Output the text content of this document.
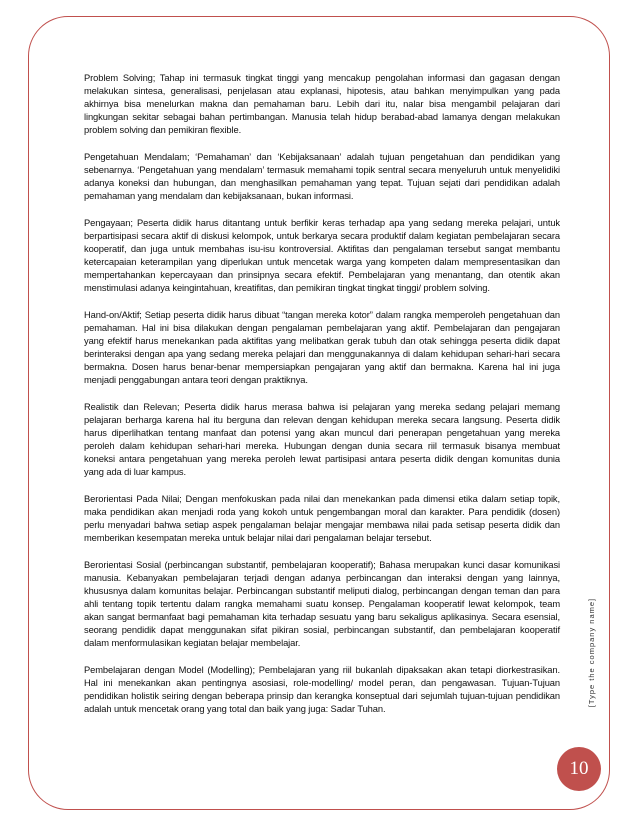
Problem Solving; Tahap ini termasuk tingkat tinggi yang mencakup pengolahan informasi dan gagasan dengan melakukan sintesa, generalisasi, penjelasan atau explanasi, hipotesis, atau bahkan menyimpulkan yang pada akhirnya bisa menelurkan makna dan pemahaman baru. Lebih dari itu, nalar bisa mengambil pelajaran dari lingkungan sekitar sebagai bahan pertimbangan. Manusia telah hidup berabad-abad lamanya dengan melakukan problem solving dan pemikiran flexible.

Pengetahuan Mendalam; ‘Pemahaman’ dan ‘Kebijaksanaan’ adalah tujuan pengetahuan dan pendidikan yang sebenarnya. ‘Pengetahuan yang mendalam’ termasuk memahami topik sentral secara menyeluruh untuk menyelidiki adanya koneksi dan hubungan, dan menghasilkan pemahaman yang tepat. Tujuan sejati dari pendidikan adalah pemahaman yang mendalam dan kebijaksanaan, bukan informasi.

Pengayaan; Peserta didik harus ditantang untuk berfikir keras terhadap apa yang sedang mereka pelajari, untuk berpartisipasi secara aktif di diskusi kelompok, untuk berkarya secara produktif dalam kegiatan pembelajaran secara kooperatif, dan juga untuk membahas isu-isu kontroversial. Aktifitas dan pengalaman tersebut sangat membantu ketercapaian keterampilan yang diperlukan untuk mencetak warga yang kompeten dalam mempresentasikan dan mempertahankan kepercayaan dan prinsipnya secara efektif. Pembelajaran yang menantang, dan otentik akan menstimulasi adanya keingintahuan, kreatifitas, dan pemikiran tingkat tingkat tinggi/ problem solving.

Hand-on/Aktif; Setiap peserta didik harus dibuat “tangan mereka kotor” dalam rangka memperoleh pengetahuan dan pemahaman. Hal ini bisa dilakukan dengan pengalaman pembelajaran yang aktif. Pembelajaran dan pengajaran yang efektif harus menekankan pada aktifitas yang melibatkan gerak tubuh dan otak sehingga peserta didik dapat berinteraksi dengan apa yang sedang mereka pelajari dan menggunakannya di dalam kehidupan sehari-hari secara bermakna. Dosen harus benar-benar mempersiapkan pengajaran yang aktif dan bermakna. Karena hal ini juga menjadi penggabungan antara teori dengan praktiknya.

Realistik dan Relevan; Peserta didik harus merasa bahwa isi pelajaran yang mereka sedang pelajari memang pelajaran berharga karena hal itu berguna dan relevan dengan kehidupan mereka secara langsung. Peserta didik harus diperlihatkan tentang manfaat dan potensi yang akan muncul dari penerapan pengetahuan yang mereka peroleh dalam kehidupan sehari-hari mereka. Hubungan dengan dunia secara riil termasuk bisanya membuat koneksi antara pengetahuan yang mereka peroleh lewat partisipasi antara peserta didik dengan komunitas dunia yang ada di luar kampus.

Berorientasi Pada Nilai; Dengan menfokuskan pada nilai dan menekankan pada dimensi etika dalam setiap topik, maka pendidikan akan menjadi roda yang kokoh untuk pengembangan moral dan karakter. Para pendidik (dosen) perlu menyadari bahwa setiap aspek pengalaman belajar mengajar membawa nilai pada setisap peserta didik dan memberikan kesempatan mereka untuk belajar nilai dari pengalaman belajar tersebut.

Berorientasi Sosial (perbincangan substantif, pembelajaran kooperatif); Bahasa merupakan kunci dasar komunikasi manusia. Kebanyakan pembelajaran terjadi dengan adanya perbincangan dan interaksi dengan yang lainnya, khususnya dalam komunitas belajar. Perbincangan substantif meliputi dialog, perbincangan dengan teman dan para ahli tentang topik tertentu dalam rangka memahami suatu konsep. Pengalaman kooperatif lewat kelompok, team akan sangat bermanfaat bagi pemahaman kita terhadap sesuatu yang baru sekaligus aplikasinya. Secara esensial, seorang pendidik dapat menggunakan sifat pikiran sosial, perbincangan substantif, dan pembelajaran kooperatif dalam menformulasikan kegiatan belajar membelajar.

Pembelajaran dengan Model (Modelling); Pembelajaran yang riil bukanlah dipaksakan akan tetapi diorkestrasikan. Hal ini menekankan akan pentingnya asosiasi, role-modelling/ model peran, dan pengawasan. Tujuan-Tujuan pendidikan holistik seiring dengan beberapa prinsip dan kerangka konseptual dari sejumlah tujuan-tujuan pendidikan adalah untuk mencetak orang yang total dan baik yang juga: Sadar Tuhan.

[Type the company name]
10
